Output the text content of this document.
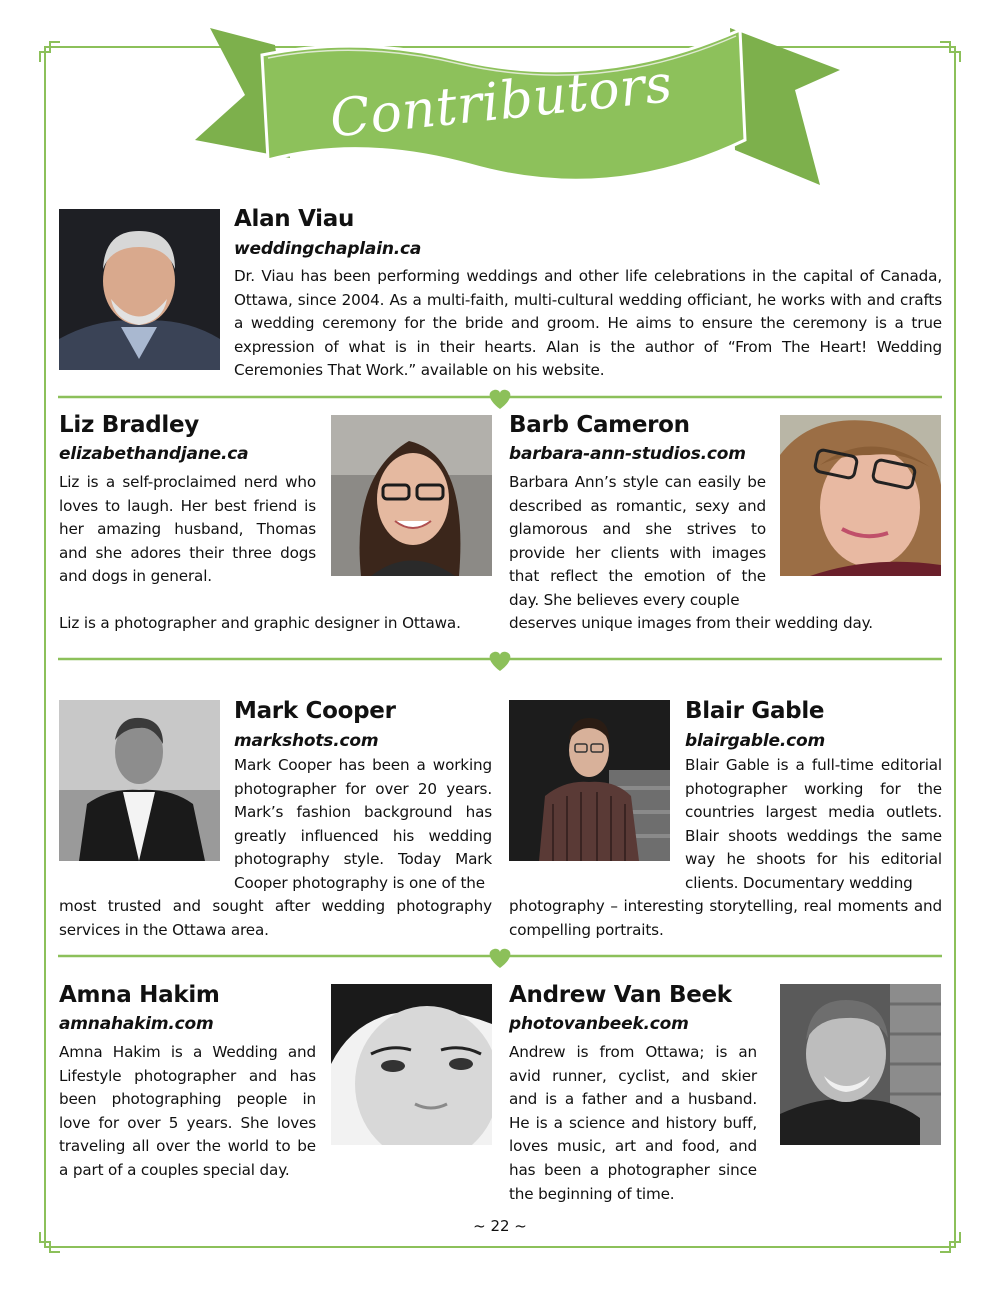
Contributors
Alan Viau
weddingchaplain.ca
Dr. Viau has been performing weddings and other life celebrations in the capital of Canada, Ottawa, since 2004. As a multi-faith, multi-cultural wedding officiant, he works with and crafts a wedding ceremony for the bride and groom. He aims to ensure the ceremony is a true expression of what is in their hearts. Alan is the author of “From The Heart! Wedding Ceremonies That Work.” available on his website.
Liz Bradley
elizabethandjane.ca
Liz is a self-proclaimed nerd who loves to laugh. Her best friend is her amazing husband, Thomas and she adores their three dogs and dogs in general.
Liz is a photographer and graphic designer in Ottawa.
Barb Cameron
barbara-ann-studios.com
Barbara Ann’s style can easily be described as romantic, sexy and glamorous and she strives to provide her clients with images that reflect the emotion of the day. She believes every couple
deserves unique images from their wedding day.
Mark Cooper
markshots.com
Mark Cooper has been a working photographer for over 20 years. Mark’s fashion background has greatly influenced his wedding photography style. Today Mark Cooper photography is one of the
most trusted and sought after wedding photography services in the Ottawa area.
Blair Gable
blairgable.com
Blair Gable is a full-time editorial photographer working for the countries largest media outlets. Blair shoots weddings the same way he shoots for his editorial clients. Documentary wedding
photography – interesting storytelling, real moments and compelling portraits.
Amna Hakim
amnahakim.com
Amna Hakim is a Wedding and Lifestyle photographer and has been photographing people in love for over 5 years. She loves traveling all over the world to be a part of a couples special day.
Andrew Van Beek
photovanbeek.com
Andrew is from Ottawa; is an avid runner, cyclist, and skier and is a father and a husband. He is a science and history buff, loves music, art and food, and has been a photographer since the beginning of time.
~ 22 ~
